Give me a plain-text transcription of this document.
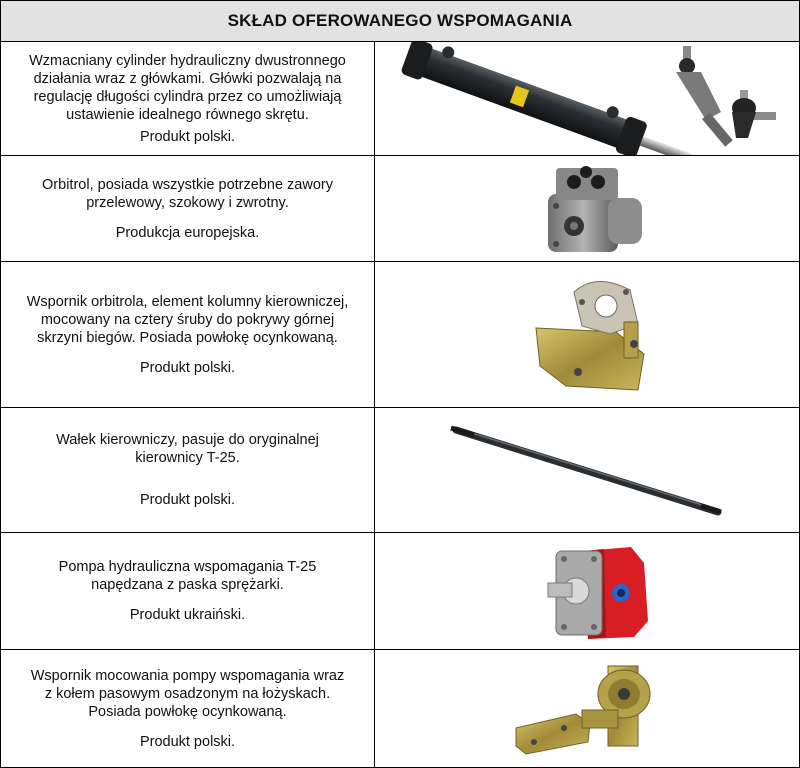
SKŁAD OFEROWANEGO WSPOMAGANIA
Wzmacniany cylinder hydrauliczny dwustronnego
działania wraz z główkami. Główki pozwalają na
regulację długości cylindra przez co umożliwiają
ustawienie idealnego równego skrętu.
Produkt polski.
Orbitrol, posiada wszystkie potrzebne zawory
przelewowy, szokowy i zwrotny.
Produkcja europejska.
Wspornik orbitrola, element kolumny kierowniczej,
mocowany na cztery śruby do pokrywy górnej
skrzyni biegów. Posiada powłokę ocynkowaną.
Produkt polski.
Wałek kierowniczy, pasuje do oryginalnej
kierownicy T-25.
Produkt polski.
Pompa hydrauliczna wspomagania T-25
napędzana z paska sprężarki.
Produkt ukraiński.
Wspornik mocowania pompy wspomagania wraz
z kołem pasowym osadzonym na łożyskach.
Posiada powłokę ocynkowaną.
Produkt polski.
